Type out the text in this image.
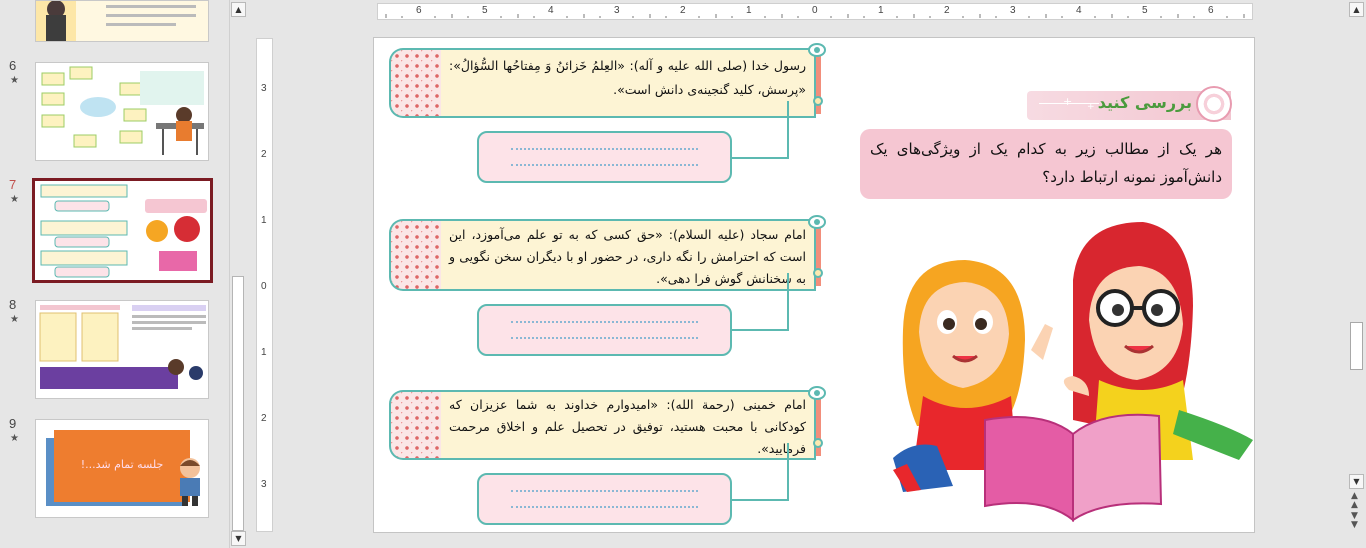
6
★
7
★
8
★
9
★
جلسه تمام شد...!
▲
▼
6	5	4	3	2	1	0	1	2	3	4	5	6
3
2
1
0
1
2
3
رسول خدا (صلی الله علیه و آله): «العِلمُ خَزائنُ وَ مِفتاحُها السُّؤالُ»: «پرسش، کلید گنجینه‌ی دانش است».
امام سجاد (علیه السلام): «حق کسی که به تو علم می‌آموزد، این است که احترامش را نگه داری، در حضور او با دیگران سخن نگویی و به سخنانش گوش فرا دهی».
امام خمینی (رحمة الله): «امیدوارم خداوند به شما عزیزان که کودکانی با محبت هستید، توفیق در تحصیل علم و اخلاق مرحمت فرمایید».
+ + بررسی کنید
هر یک از مطالب زیر به کدام یک از ویژگی‌های یک دانش‌آموز نمونه ارتباط دارد؟
▲
▼
▲
▲
▼
▼
